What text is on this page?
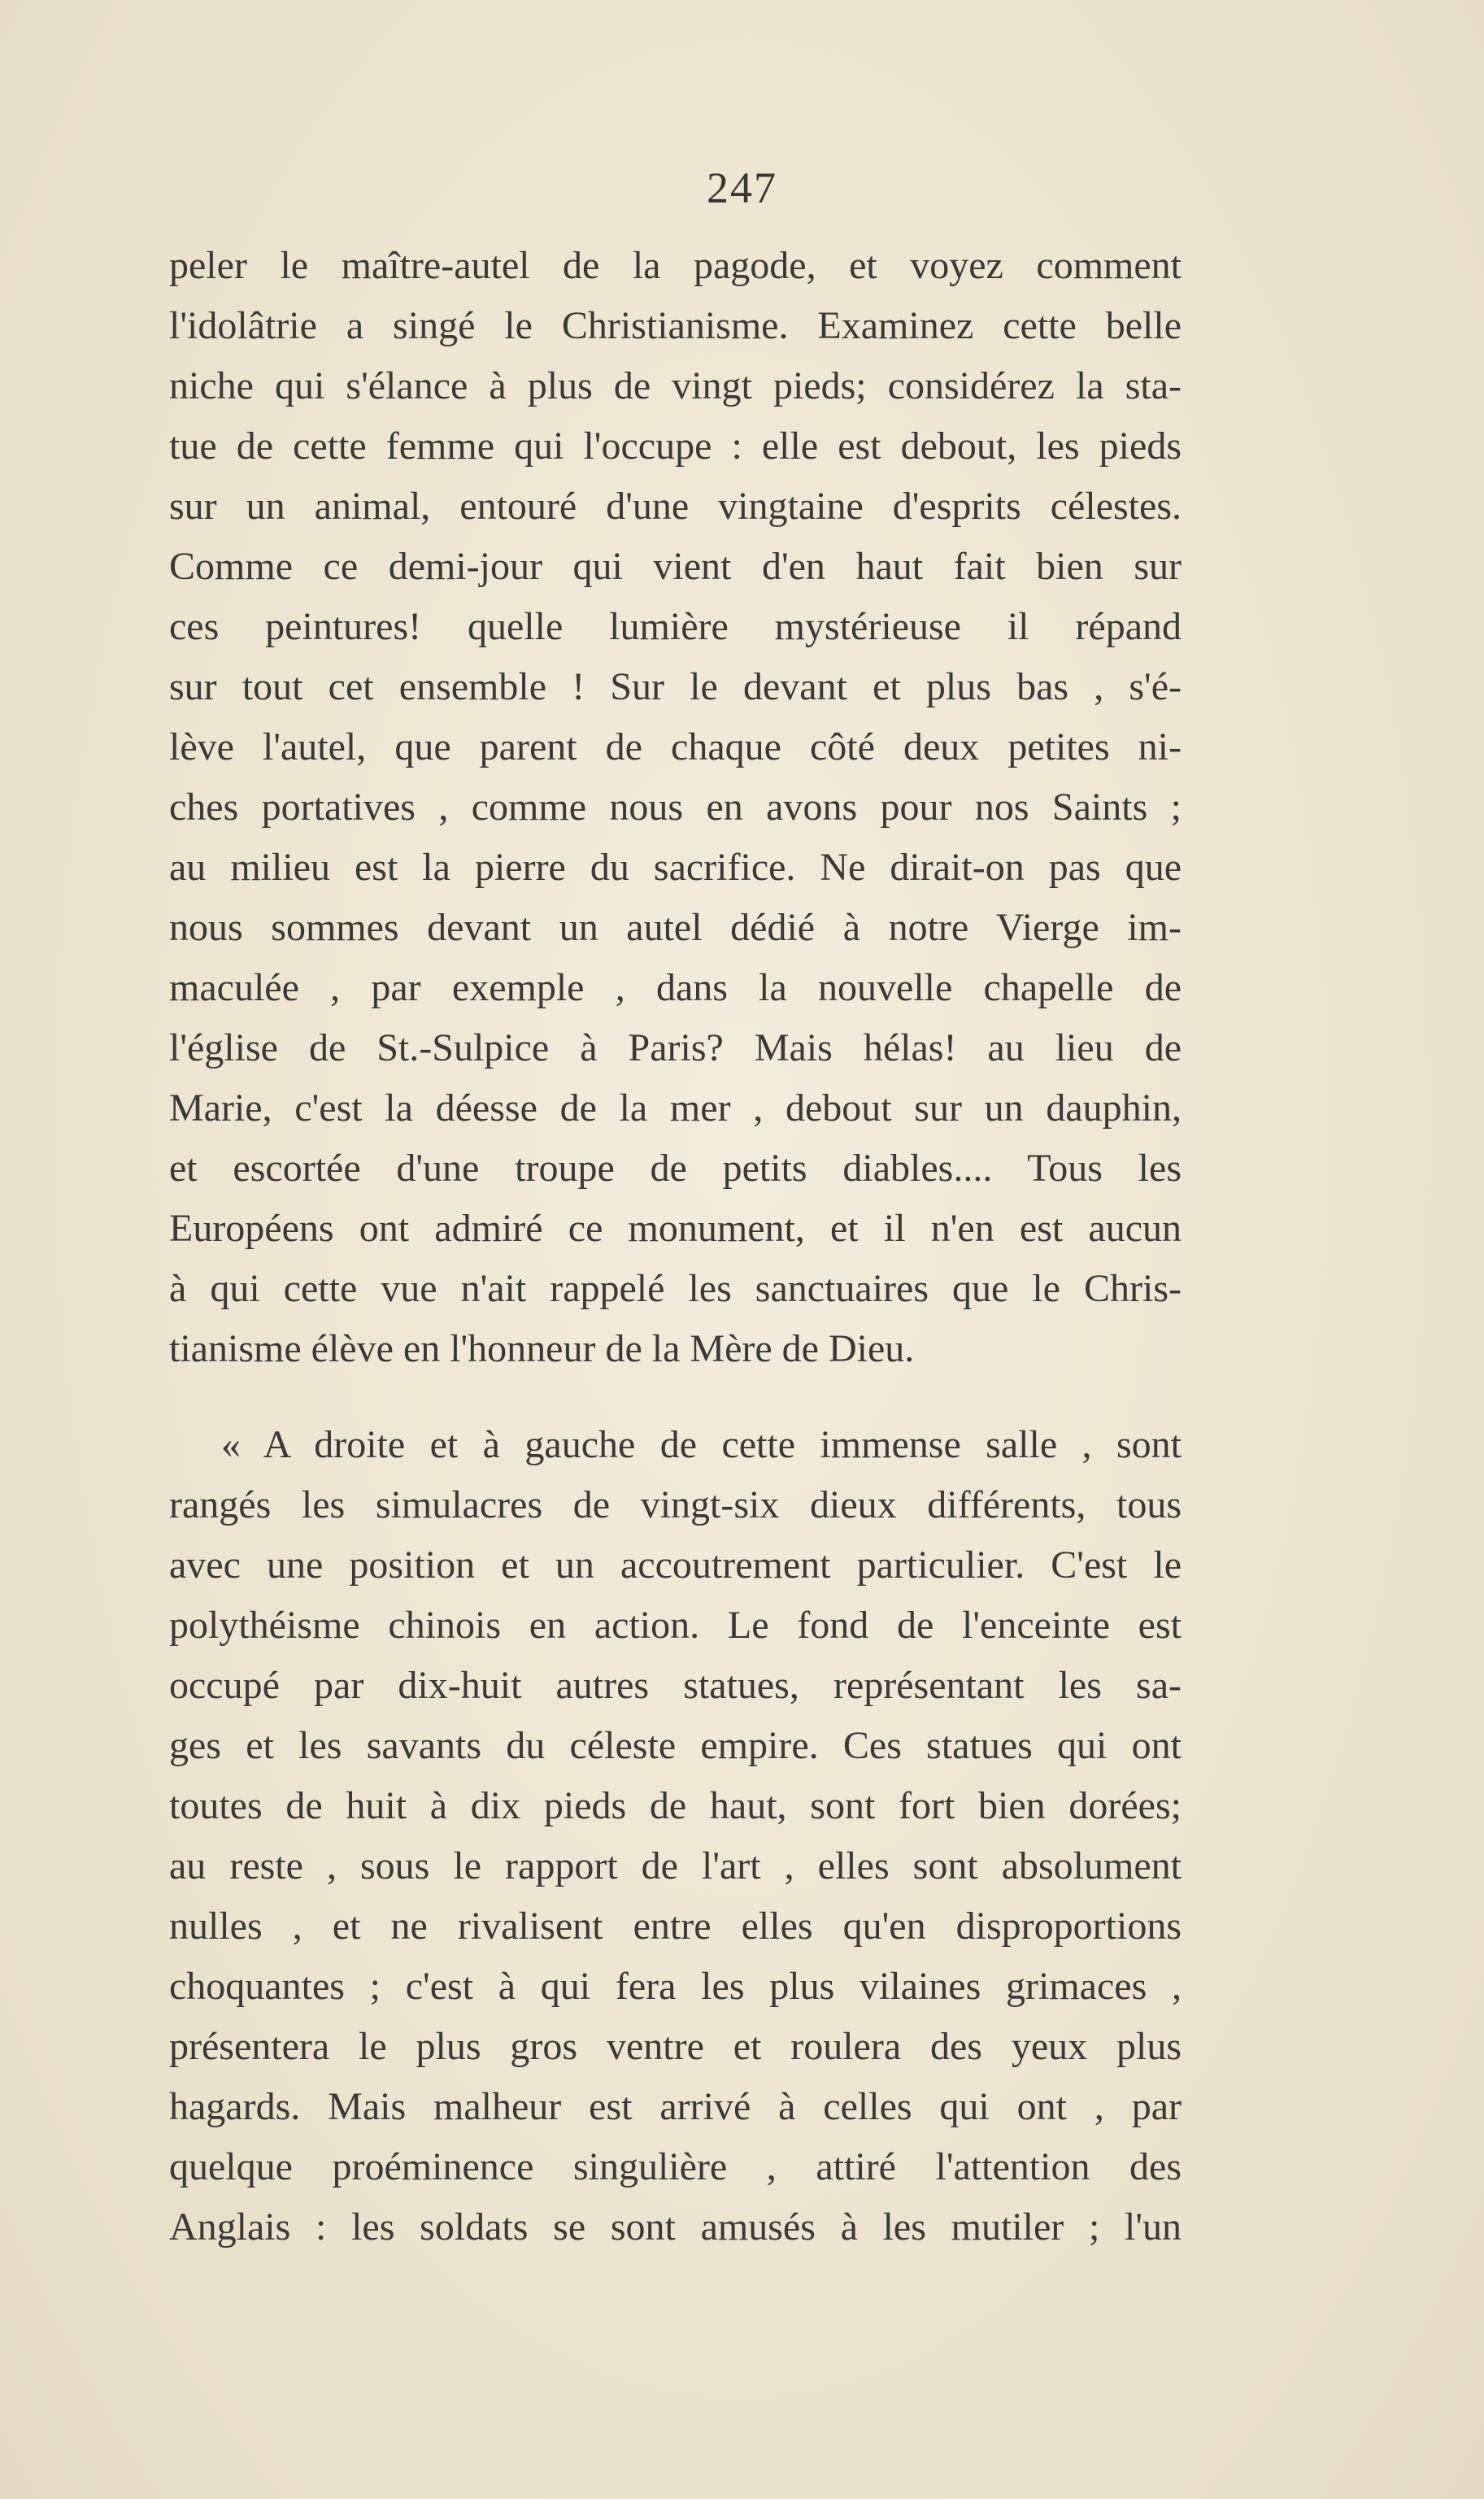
247
peler le maître-autel de la pagode, et voyez comment
l'idolâtrie a singé le Christianisme. Examinez cette belle
niche qui s'élance à plus de vingt pieds; considérez la sta-
tue de cette femme qui l'occupe : elle est debout, les pieds
sur un animal, entouré d'une vingtaine d'esprits célestes.
Comme ce demi-jour qui vient d'en haut fait bien sur
ces peintures! quelle lumière mystérieuse il répand
sur tout cet ensemble ! Sur le devant et plus bas , s'é-
lève l'autel, que parent de chaque côté deux petites ni-
ches portatives , comme nous en avons pour nos Saints ;
au milieu est la pierre du sacrifice. Ne dirait-on pas que
nous sommes devant un autel dédié à notre Vierge im-
maculée , par exemple , dans la nouvelle chapelle de
l'église de St.-Sulpice à Paris? Mais hélas! au lieu de
Marie, c'est la déesse de la mer , debout sur un dauphin,
et escortée d'une troupe de petits diables.... Tous les
Européens ont admiré ce monument, et il n'en est aucun
à qui cette vue n'ait rappelé les sanctuaires que le Chris-
tianisme élève en l'honneur de la Mère de Dieu.
« A droite et à gauche de cette immense salle , sont
rangés les simulacres de vingt-six dieux différents, tous
avec une position et un accoutrement particulier. C'est le
polythéisme chinois en action. Le fond de l'enceinte est
occupé par dix-huit autres statues, représentant les sa-
ges et les savants du céleste empire. Ces statues qui ont
toutes de huit à dix pieds de haut, sont fort bien dorées;
au reste , sous le rapport de l'art , elles sont absolument
nulles , et ne rivalisent entre elles qu'en disproportions
choquantes ; c'est à qui fera les plus vilaines grimaces ,
présentera le plus gros ventre et roulera des yeux plus
hagards. Mais malheur est arrivé à celles qui ont , par
quelque proéminence singulière , attiré l'attention des
Anglais : les soldats se sont amusés à les mutiler ; l'un
